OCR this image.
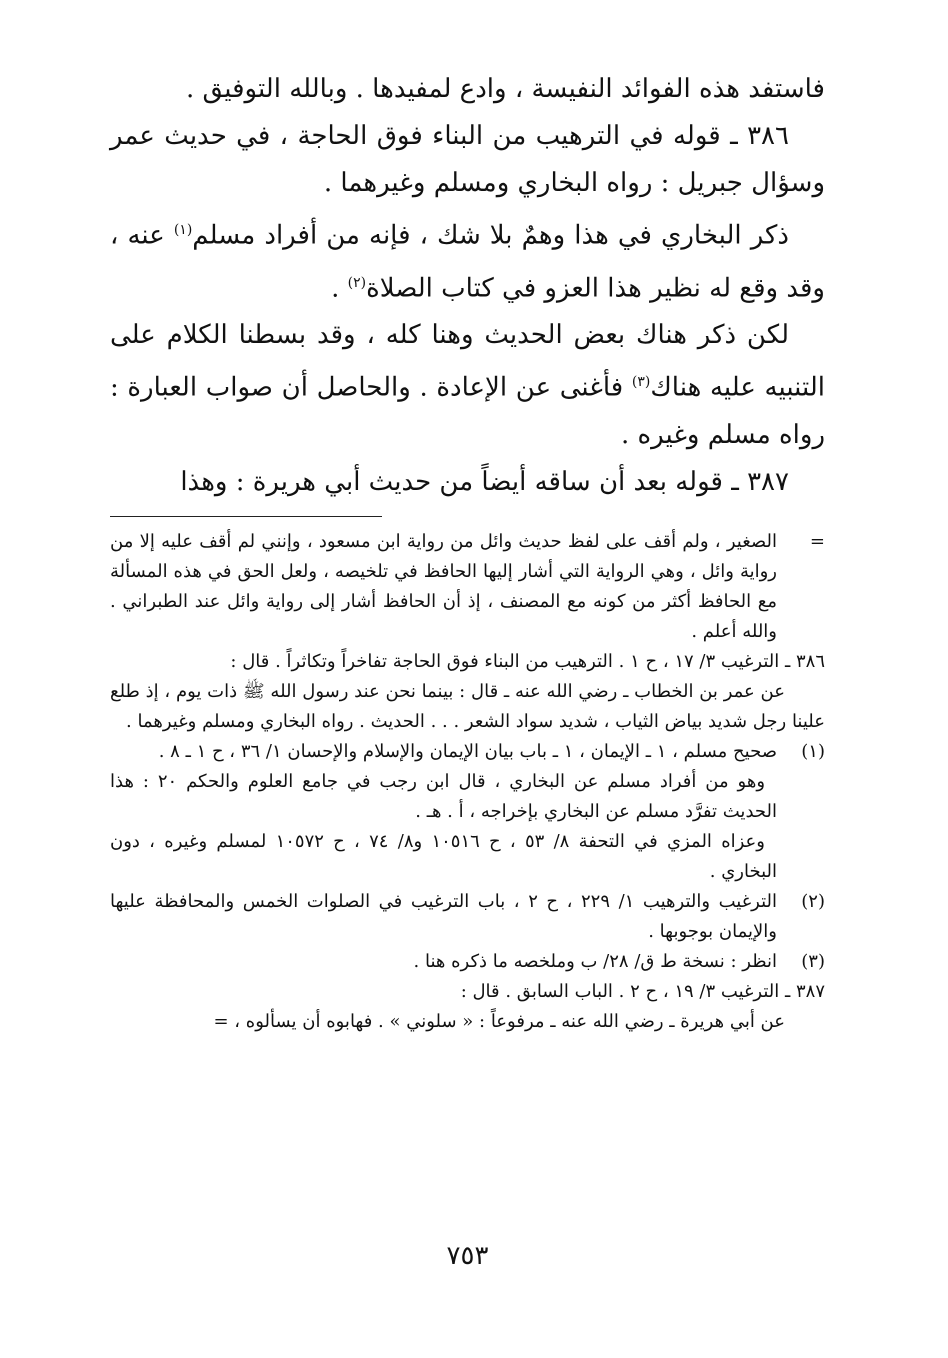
فاستفد هذه الفوائد النفيسة ، وادع لمفيدها . وبالله التوفيق .

٣٨٦ ـ قوله في الترهيب من البناء فوق الحاجة ، في حديث عمر وسؤال جبريل : رواه البخاري ومسلم وغيرهما .

ذكر البخاري في هذا وهمٌ بلا شك ، فإنه من أفراد مسلم$^{(١)}$ عنه ، وقد وقع له نظير هذا العزو في كتاب الصلاة$^{(٢)}$ .

لكن ذكر هناك بعض الحديث وهنا كله ، وقد بسطنا الكلام على التنبيه عليه هناك$^{(٣)}$ فأغنى عن الإعادة . والحاصل أن صواب العبارة : رواه مسلم وغيره .

٣٨٧ ـ قوله بعد أن ساقه أيضاً من حديث أبي هريرة : وهذا

=
الصغير ، ولم أقف على لفظ حديث وائل من رواية ابن مسعود ، وإنني لم أقف عليه إلا من رواية وائل ، وهي الرواية التي أشار إليها الحافظ في تلخيصه ، ولعل الحق في هذه المسألة مع الحافظ أكثر من كونه مع المصنف ، إذ أن الحافظ أشار إلى رواية وائل عند الطبراني . والله أعلم .
٣٨٦ ـ الترغيب ٣/ ١٧ ، ح ١ . الترهيب من البناء فوق الحاجة تفاخراً وتكاثراً . قال :
عن عمر بن الخطاب ـ رضي الله عنه ـ قال : بينما نحن عند رسول الله ﷺ ذات يوم ، إذ طلع علينا رجل شديد بياض الثياب ، شديد سواد الشعر . . . الحديث . رواه البخاري ومسلم وغيرهما .
(١)
صحيح مسلم ، ١ ـ الإيمان ، ١ ـ باب بيان الإيمان والإسلام والإحسان ١/ ٣٦ ، ح ١ ـ ٨ .
وهو من أفراد مسلم عن البخاري ، قال ابن رجب في جامع العلوم والحكم ٢٠ : هذا الحديث تفرَّد مسلم عن البخاري بإخراجه ، أ . هـ .
وعزاه المزي في التحفة ٨/ ٥٣ ، ح ١٠٥١٦ و٨/ ٧٤ ، ح ١٠٥٧٢ لمسلم وغيره ، دون البخاري .
(٢)
الترغيب والترهيب ١/ ٢٢٩ ، ح ٢ ، باب الترغيب في الصلوات الخمس والمحافظة عليها والإيمان بوجوبها .
(٣)
انظر : نسخة ط ق/ ٢٨/ ب وملخصه ما ذكره هنا .
٣٨٧ ـ الترغيب ٣/ ١٩ ، ح ٢ . الباب السابق . قال :
عن أبي هريرة ـ رضي الله عنه ـ مرفوعاً : « سلوني » . فهابوه أن يسألوه ، =
٧٥٣
